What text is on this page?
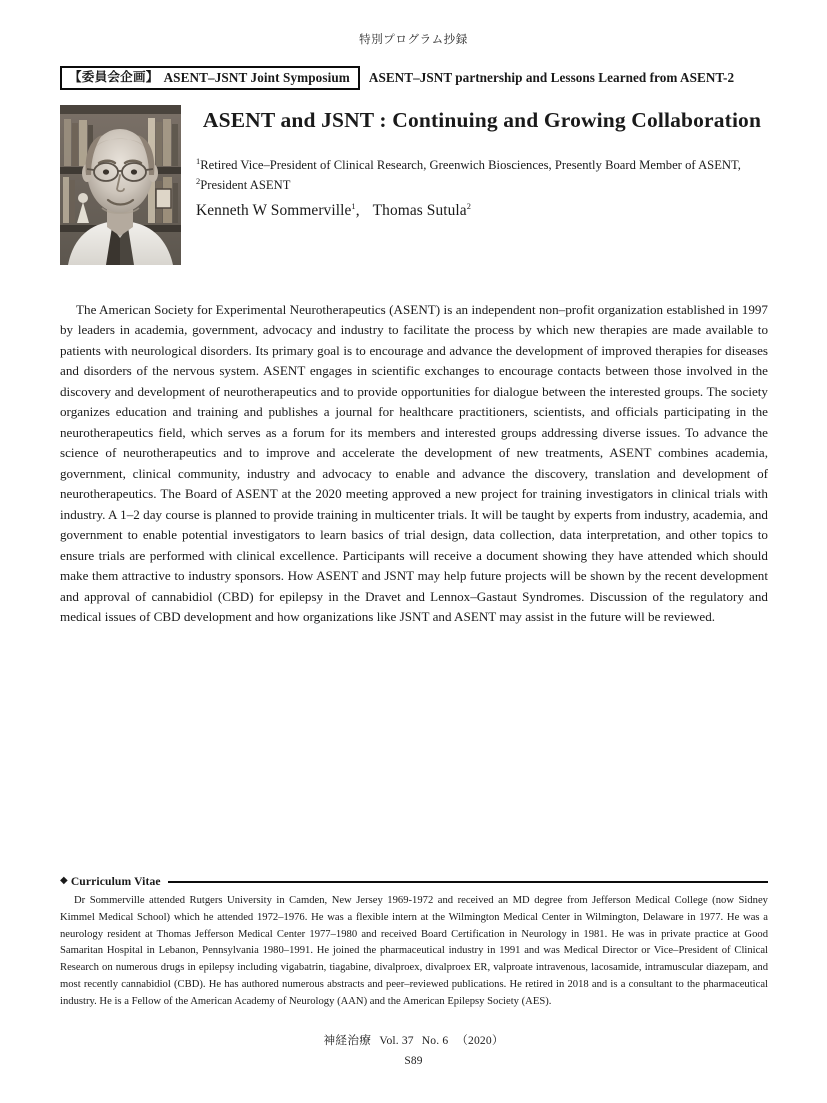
特別プログラム抄録
【委員会企画】 ASENT–JSNT Joint Symposium ASENT–JSNT partnership and Lessons Learned from ASENT-2
ASENT and JSNT : Continuing and Growing Collaboration

$^1$Retired Vice–President of Clinical Research, Greenwich Biosciences, Presently Board Member of ASENT,

$^2$President ASENT

Kenneth W Sommerville$^1$, Thomas Sutula$^2$

The American Society for Experimental Neurotherapeutics (ASENT) is an independent non–profit organization established in 1997 by leaders in academia, government, advocacy and industry to facilitate the process by which new therapies are made available to patients with neurological disorders. Its primary goal is to encourage and advance the development of improved therapies for diseases and disorders of the nervous system. ASENT engages in scientific exchanges to encourage contacts between those involved in the discovery and development of neurotherapeutics and to provide opportunities for dialogue between the interested groups. The society organizes education and training and publishes a journal for healthcare practitioners, scientists, and officials participating in the neurotherapeutics field, which serves as a forum for its members and interested groups addressing diverse issues. To advance the science of neurotherapeutics and to improve and accelerate the development of new treatments, ASENT combines academia, government, clinical community, industry and advocacy to enable and advance the discovery, translation and development of neurotherapeutics. The Board of ASENT at the 2020 meeting approved a new project for training investigators in clinical trials with industry. A 1–2 day course is planned to provide training in multicenter trials. It will be taught by experts from industry, academia, and government to enable potential investigators to learn basics of trial design, data collection, data interpretation, and other topics to ensure trials are performed with clinical excellence. Participants will receive a document showing they have attended which should make them attractive to industry sponsors. How ASENT and JSNT may help future projects will be shown by the recent development and approval of cannabidiol (CBD) for epilepsy in the Dravet and Lennox–Gastaut Syndromes. Discussion of the regulatory and medical issues of CBD development and how organizations like JSNT and ASENT may assist in the future will be reviewed.

◆ Curriculum Vitae

Dr Sommerville attended Rutgers University in Camden, New Jersey 1969-1972 and received an MD degree from Jefferson Medical College (now Sidney Kimmel Medical School) which he attended 1972–1976. He was a flexible intern at the Wilmington Medical Center in Wilmington, Delaware in 1977. He was a neurology resident at Thomas Jefferson Medical Center 1977–1980 and received Board Certification in Neurology in 1981. He was in private practice at Good Samaritan Hospital in Lebanon, Pennsylvania 1980–1991. He joined the pharmaceutical industry in 1991 and was Medical Director or Vice–President of Clinical Research on numerous drugs in epilepsy including vigabatrin, tiagabine, divalproex, divalproex ER, valproate intravenous, lacosamide, intramuscular diazepam, and most recently cannabidiol (CBD). He has authored numerous abstracts and peer–reviewed publications. He retired in 2018 and is a consultant to the pharmaceutical industry. He is a Fellow of the American Academy of Neurology (AAN) and the American Epilepsy Society (AES).

神経治療 Vol. 37 No. 6 （2020）
S89
